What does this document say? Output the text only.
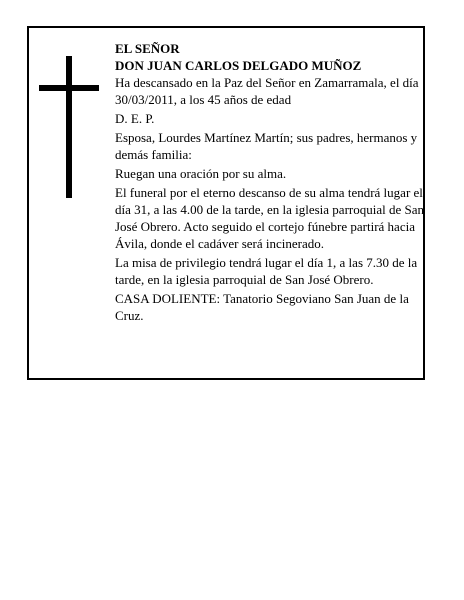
EL SEÑOR

DON JUAN CARLOS DELGADO MUÑOZ

Ha descansado en la Paz del Señor en Zamarramala, el día 30/03/2011, a los 45 años de edad

D. E. P.

Esposa, Lourdes Martínez Martín; sus padres, hermanos y demás familia:

Ruegan una oración por su alma.

El funeral por el eterno descanso de su alma tendrá lugar el día 31, a las 4.00 de la tarde, en la iglesia parroquial de San José Obrero. Acto seguido el cortejo fúnebre partirá hacia Ávila, donde el cadáver será incinerado.

La misa de privilegio tendrá lugar el día 1, a las 7.30 de la tarde, en la iglesia parroquial de San José Obrero.

CASA DOLIENTE: Tanatorio Segoviano San Juan de la Cruz.
